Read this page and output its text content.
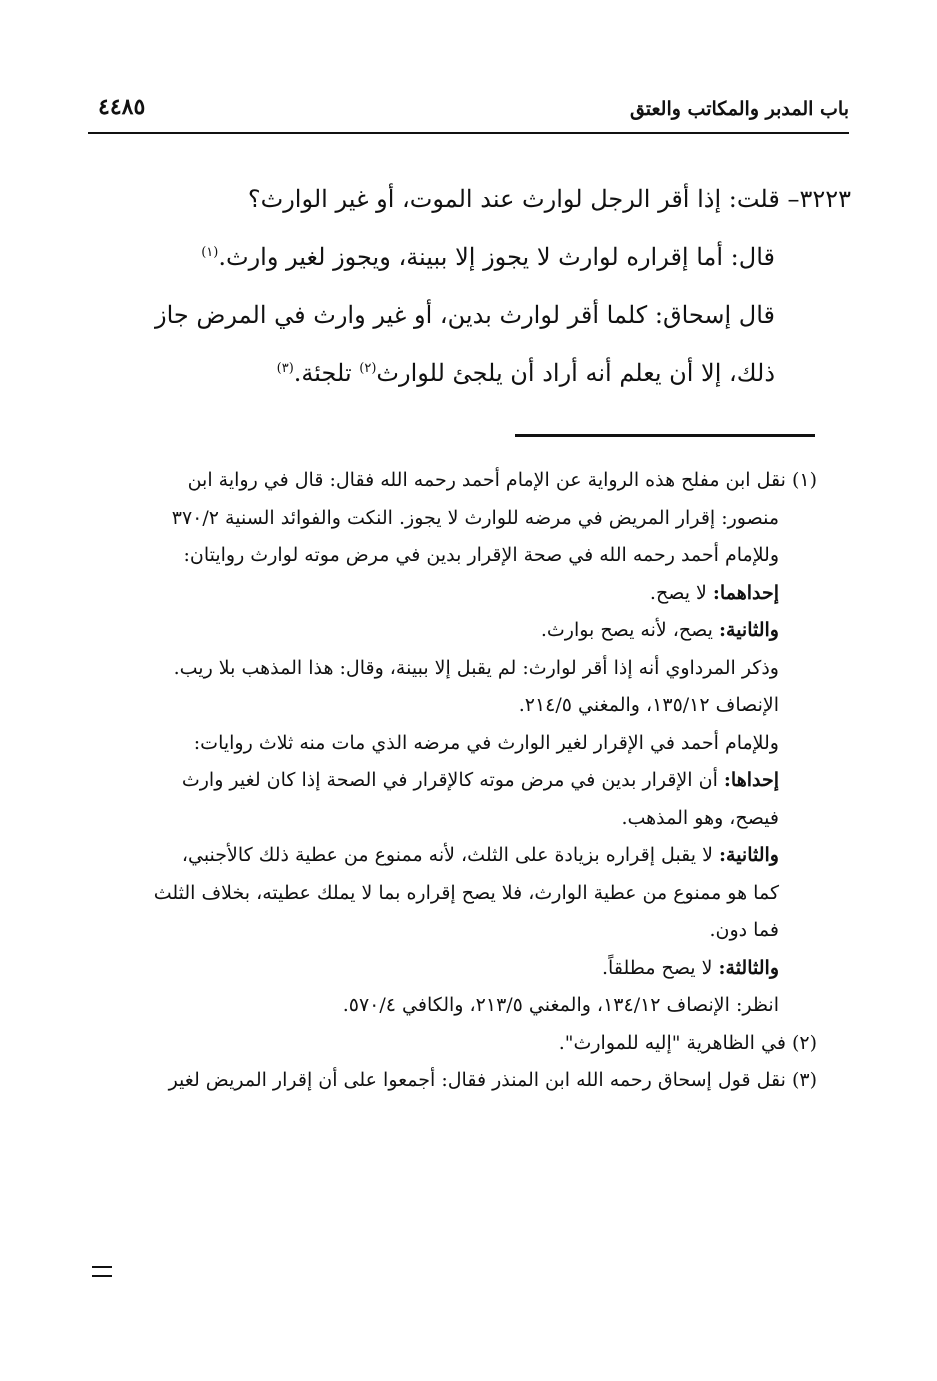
باب المدبر والمكاتب والعتق
٤٤٨٥
٣٢٢٣– قلت: إذا أقر الرجل لوارث عند الموت، أو غير الوارث؟
قال: أما إقراره لوارث لا يجوز إلا ببينة، ويجوز لغير وارث.$^{(١)}$
قال إسحاق: كلما أقر لوارث بدين، أو غير وارث في المرض جاز
ذلك، إلا أن يعلم أنه أراد أن يلجئ للوارث$^{(٢)}$ تلجئة.$^{(٣)}$
(١) نقل ابن مفلح هذه الرواية عن الإمام أحمد رحمه الله فقال: قال في رواية ابن
منصور: إقرار المريض في مرضه للوارث لا يجوز. النكت والفوائد السنية ٣٧٠/٢
وللإمام أحمد رحمه الله في صحة الإقرار بدين في مرض موته لوارث روايتان:
إحداهما: لا يصح.
والثانية: يصح، لأنه يصح بوارث.
وذكر المرداوي أنه إذا أقر لوارث: لم يقبل إلا ببينة، وقال: هذا المذهب بلا ريب.
الإنصاف ١٣٥/١٢، والمغني ٢١٤/٥.
وللإمام أحمد في الإقرار لغير الوارث في مرضه الذي مات منه ثلاث روايات:
إحداها: أن الإقرار بدين في مرض موته كالإقرار في الصحة إذا كان لغير وارث
فيصح، وهو المذهب.
والثانية: لا يقبل إقراره بزيادة على الثلث، لأنه ممنوع من عطية ذلك كالأجنبي،
كما هو ممنوع من عطية الوارث، فلا يصح إقراره بما لا يملك عطيته، بخلاف الثلث
فما دون.
والثالثة: لا يصح مطلقاً.
انظر: الإنصاف ١٣٤/١٢، والمغني ٢١٣/٥، والكافي ٥٧٠/٤.
(٢) في الظاهرية "إليه للموارث".
(٣) نقل قول إسحاق رحمه الله ابن المنذر فقال: أجمعوا على أن إقرار المريض لغير
